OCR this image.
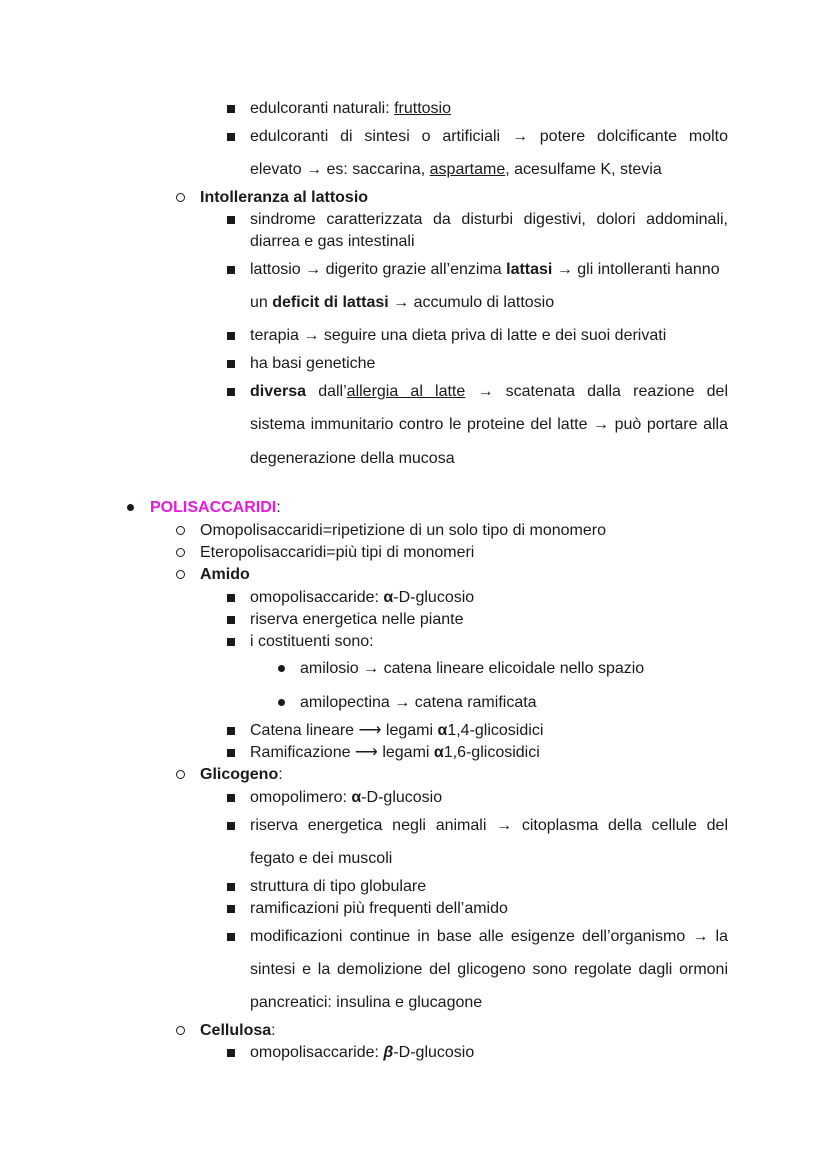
edulcoranti naturali: fruttosio
edulcoranti di sintesi o artificiali → potere dolcificante molto
elevato → es: saccarina, aspartame, acesulfame K, stevia
Intolleranza al lattosio
sindrome caratterizzata da disturbi digestivi, dolori addominali,
diarrea e gas intestinali
lattosio → digerito grazie all’enzima lattasi → gli intolleranti hanno
un deficit di lattasi → accumulo di lattosio
terapia → seguire una dieta priva di latte e dei suoi derivati
ha basi genetiche
diversa dall’allergia al latte → scatenata dalla reazione del
sistema immunitario contro le proteine del latte → può portare alla
degenerazione della mucosa
POLISACCARIDI:
Omopolisaccaridi=ripetizione di un solo tipo di monomero
Eteropolisaccaridi=più tipi di monomeri
Amido
omopolisaccaride: α-D-glucosio
riserva energetica nelle piante
i costituenti sono:
amilosio → catena lineare elicoidale nello spazio
amilopectina → catena ramificata
Catena lineare ⟶ legami α1,4-glicosidici
Ramificazione ⟶ legami α1,6-glicosidici
Glicogeno:
omopolimero: α-D-glucosio
riserva energetica negli animali → citoplasma della cellule del
fegato e dei muscoli
struttura di tipo globulare
ramificazioni più frequenti dell’amido
modificazioni continue in base alle esigenze dell’organismo → la
sintesi e la demolizione del glicogeno sono regolate dagli ormoni
pancreatici: insulina e glucagone
Cellulosa:
omopolisaccaride: β-D-glucosio
